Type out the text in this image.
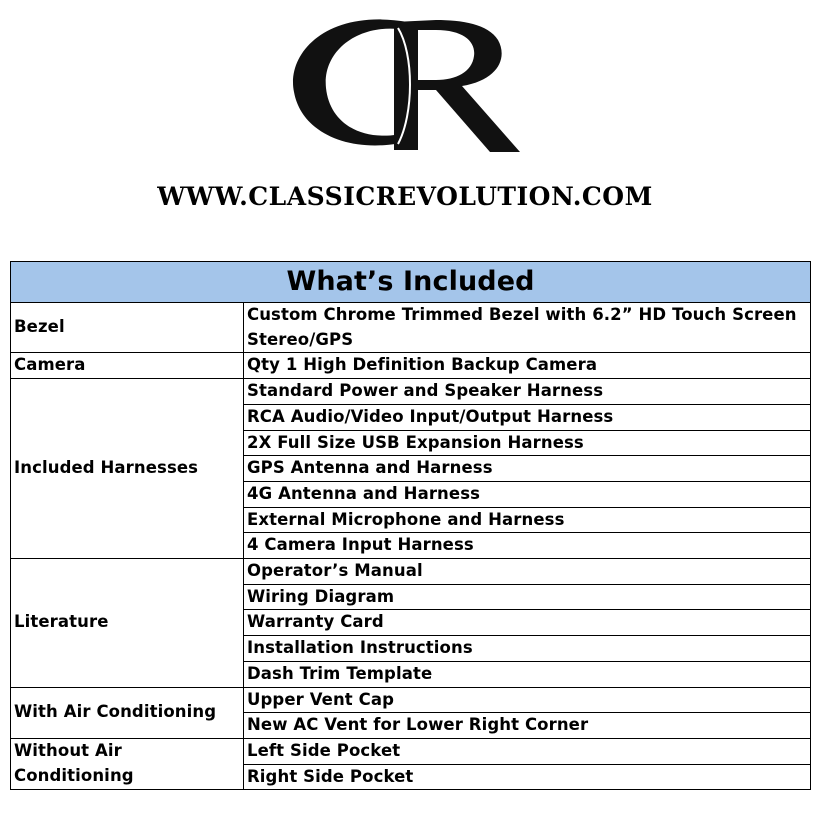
WWW.CLASSICREVOLUTION.COM
What’s Included	
Bezel	Custom Chrome Trimmed Bezel with 6.2” HD Touch Screen Stereo/GPS
Camera	Qty 1 High Definition Backup Camera
Included Harnesses	Standard Power and Speaker Harness
	RCA Audio/Video Input/Output Harness
	2X Full Size USB Expansion Harness
	GPS Antenna and Harness
	4G Antenna and Harness
	External Microphone and Harness
	4 Camera Input Harness
Literature	Operator’s Manual
	Wiring Diagram
	Warranty Card
	Installation Instructions
	Dash Trim Template
With Air Conditioning	Upper Vent Cap
	New AC Vent for Lower Right Corner
Without Air Conditioning	Left Side Pocket
	Right Side Pocket
